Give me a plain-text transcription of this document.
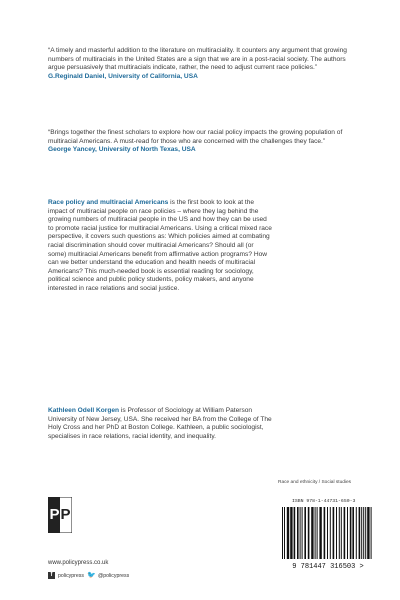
“A timely and masterful addition to the literature on multiraciality. It counters any argument that growing numbers of multiracials in the United States are a sign that we are in a post-racial society. The authors argue persuasively that multiracials indicate, rather, the need to adjust current race policies.”

G.Reginald Daniel, University of California, USA

“Brings together the finest scholars to explore how our racial policy impacts the growing population of multiracial Americans. A must-read for those who are concerned with the challenges they face.”

George Yancey, University of North Texas, USA
Race policy and multiracial Americans is the first book to look at the impact of multiracial people on race policies – where they lag behind the growing numbers of multiracial people in the US and how they can be used to promote racial justice for multiracial Americans. Using a critical mixed race perspective, it covers such questions as: Which policies aimed at combating racial discrimination should cover multiracial Americans? Should all (or some) multiracial Americans benefit from affirmative action programs? How can we better understand the education and health needs of multiracial Americans? This much-needed book is essential reading for sociology, political science and public policy students, policy makers, and anyone interested in race relations and social justice.
Kathleen Odell Korgen is Professor of Sociology at William Paterson University of New Jersey, USA. She received her BA from the College of The Holy Cross and her PhD at Boston College. Kathleen, a public sociologist, specialises in race relations, racial identity, and inequality.
Race and ethnicity / Social studies
ISBN 978-1-44731-650-3
9 781447 316503 >
P P
www.policypress.co.uk
f	policypress 🐦 @policypress
